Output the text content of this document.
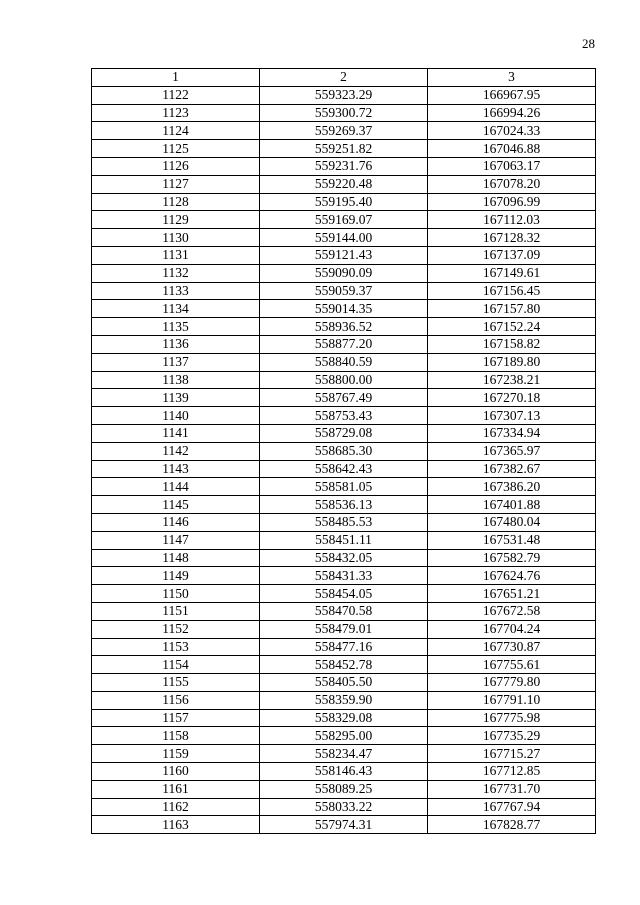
28
1	2	3
1122	559323.29	166967.95
1123	559300.72	166994.26
1124	559269.37	167024.33
1125	559251.82	167046.88
1126	559231.76	167063.17
1127	559220.48	167078.20
1128	559195.40	167096.99
1129	559169.07	167112.03
1130	559144.00	167128.32
1131	559121.43	167137.09
1132	559090.09	167149.61
1133	559059.37	167156.45
1134	559014.35	167157.80
1135	558936.52	167152.24
1136	558877.20	167158.82
1137	558840.59	167189.80
1138	558800.00	167238.21
1139	558767.49	167270.18
1140	558753.43	167307.13
1141	558729.08	167334.94
1142	558685.30	167365.97
1143	558642.43	167382.67
1144	558581.05	167386.20
1145	558536.13	167401.88
1146	558485.53	167480.04
1147	558451.11	167531.48
1148	558432.05	167582.79
1149	558431.33	167624.76
1150	558454.05	167651.21
1151	558470.58	167672.58
1152	558479.01	167704.24
1153	558477.16	167730.87
1154	558452.78	167755.61
1155	558405.50	167779.80
1156	558359.90	167791.10
1157	558329.08	167775.98
1158	558295.00	167735.29
1159	558234.47	167715.27
1160	558146.43	167712.85
1161	558089.25	167731.70
1162	558033.22	167767.94
1163	557974.31	167828.77
